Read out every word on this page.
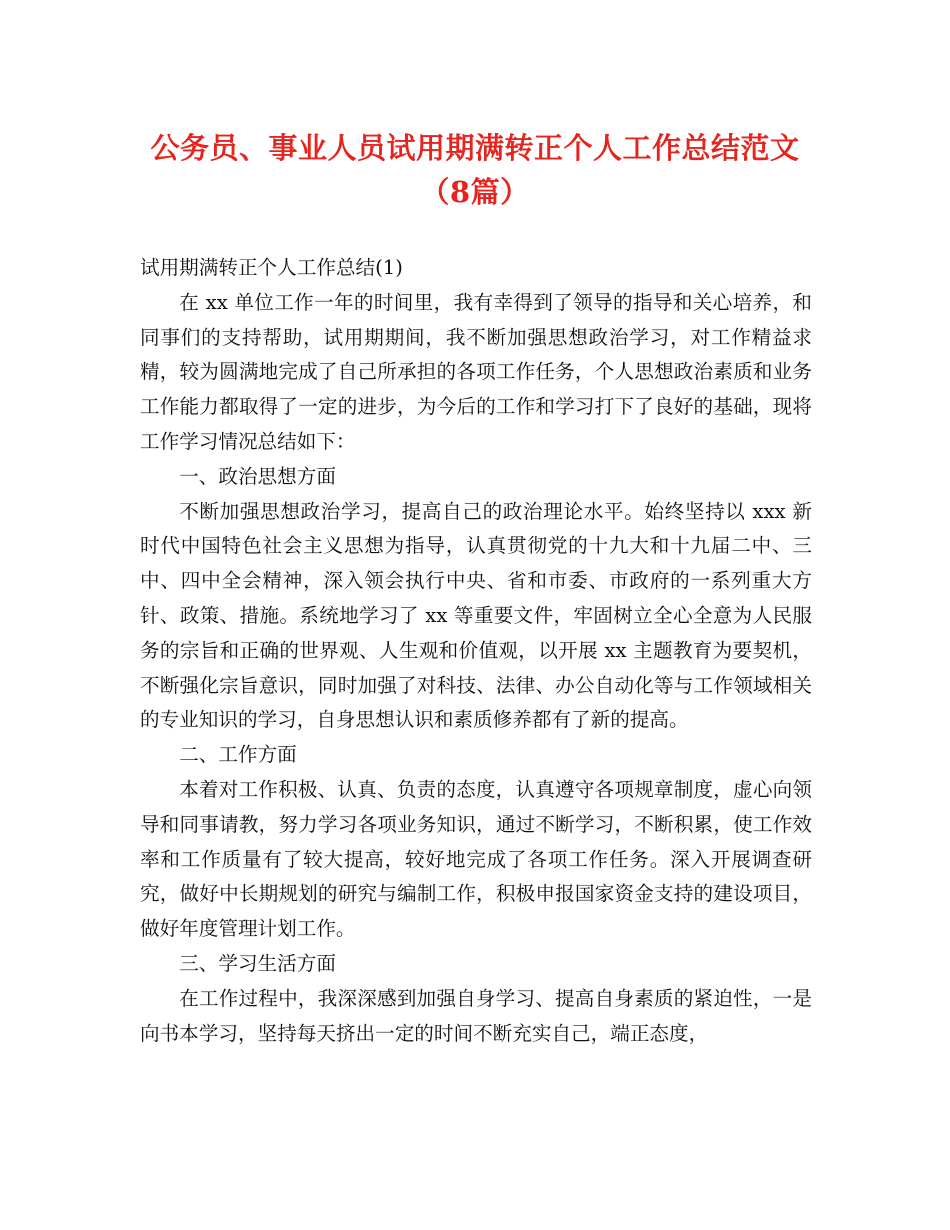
公务员、事业人员试用期满转正个人工作总结范文（8篇）

试用期满转正个人工作总结(1)

在 xx 单位工作一年的时间里，我有幸得到了领导的指导和关心培养，和同事们的支持帮助，试用期期间，我不断加强思想政治学习，对工作精益求精，较为圆满地完成了自己所承担的各项工作任务，个人思想政治素质和业务工作能力都取得了一定的进步，为今后的工作和学习打下了良好的基础，现将工作学习情况总结如下：

一、政治思想方面

不断加强思想政治学习，提高自己的政治理论水平。始终坚持以 xxx 新时代中国特色社会主义思想为指导，认真贯彻党的十九大和十九届二中、三中、四中全会精神，深入领会执行中央、省和市委、市政府的一系列重大方针、政策、措施。系统地学习了 xx 等重要文件，牢固树立全心全意为人民服务的宗旨和正确的世界观、人生观和价值观，以开展 xx 主题教育为要契机，不断强化宗旨意识，同时加强了对科技、法律、办公自动化等与工作领域相关的专业知识的学习，自身思想认识和素质修养都有了新的提高。

二、工作方面

本着对工作积极、认真、负责的态度，认真遵守各项规章制度，虚心向领导和同事请教，努力学习各项业务知识，通过不断学习，不断积累，使工作效率和工作质量有了较大提高，较好地完成了各项工作任务。深入开展调查研究，做好中长期规划的研究与编制工作，积极申报国家资金支持的建设项目，做好年度管理计划工作。

三、学习生活方面

在工作过程中，我深深感到加强自身学习、提高自身素质的紧迫性，一是向书本学习，坚持每天挤出一定的时间不断充实自己，端正态度，
